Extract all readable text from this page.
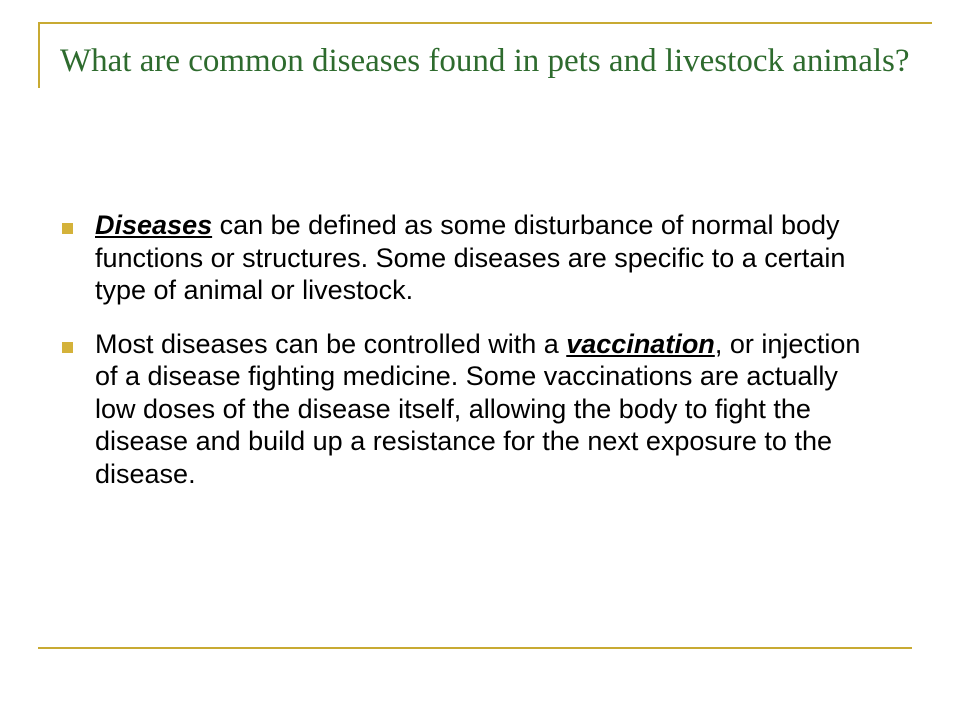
What are common diseases found in pets and livestock animals?
Diseases can be defined as some disturbance of normal body functions or structures. Some diseases are specific to a certain type of animal or livestock.
Most diseases can be controlled with a vaccination, or injection of a disease fighting medicine. Some vaccinations are actually low doses of the disease itself, allowing the body to fight the disease and build up a resistance for the next exposure to the disease.
